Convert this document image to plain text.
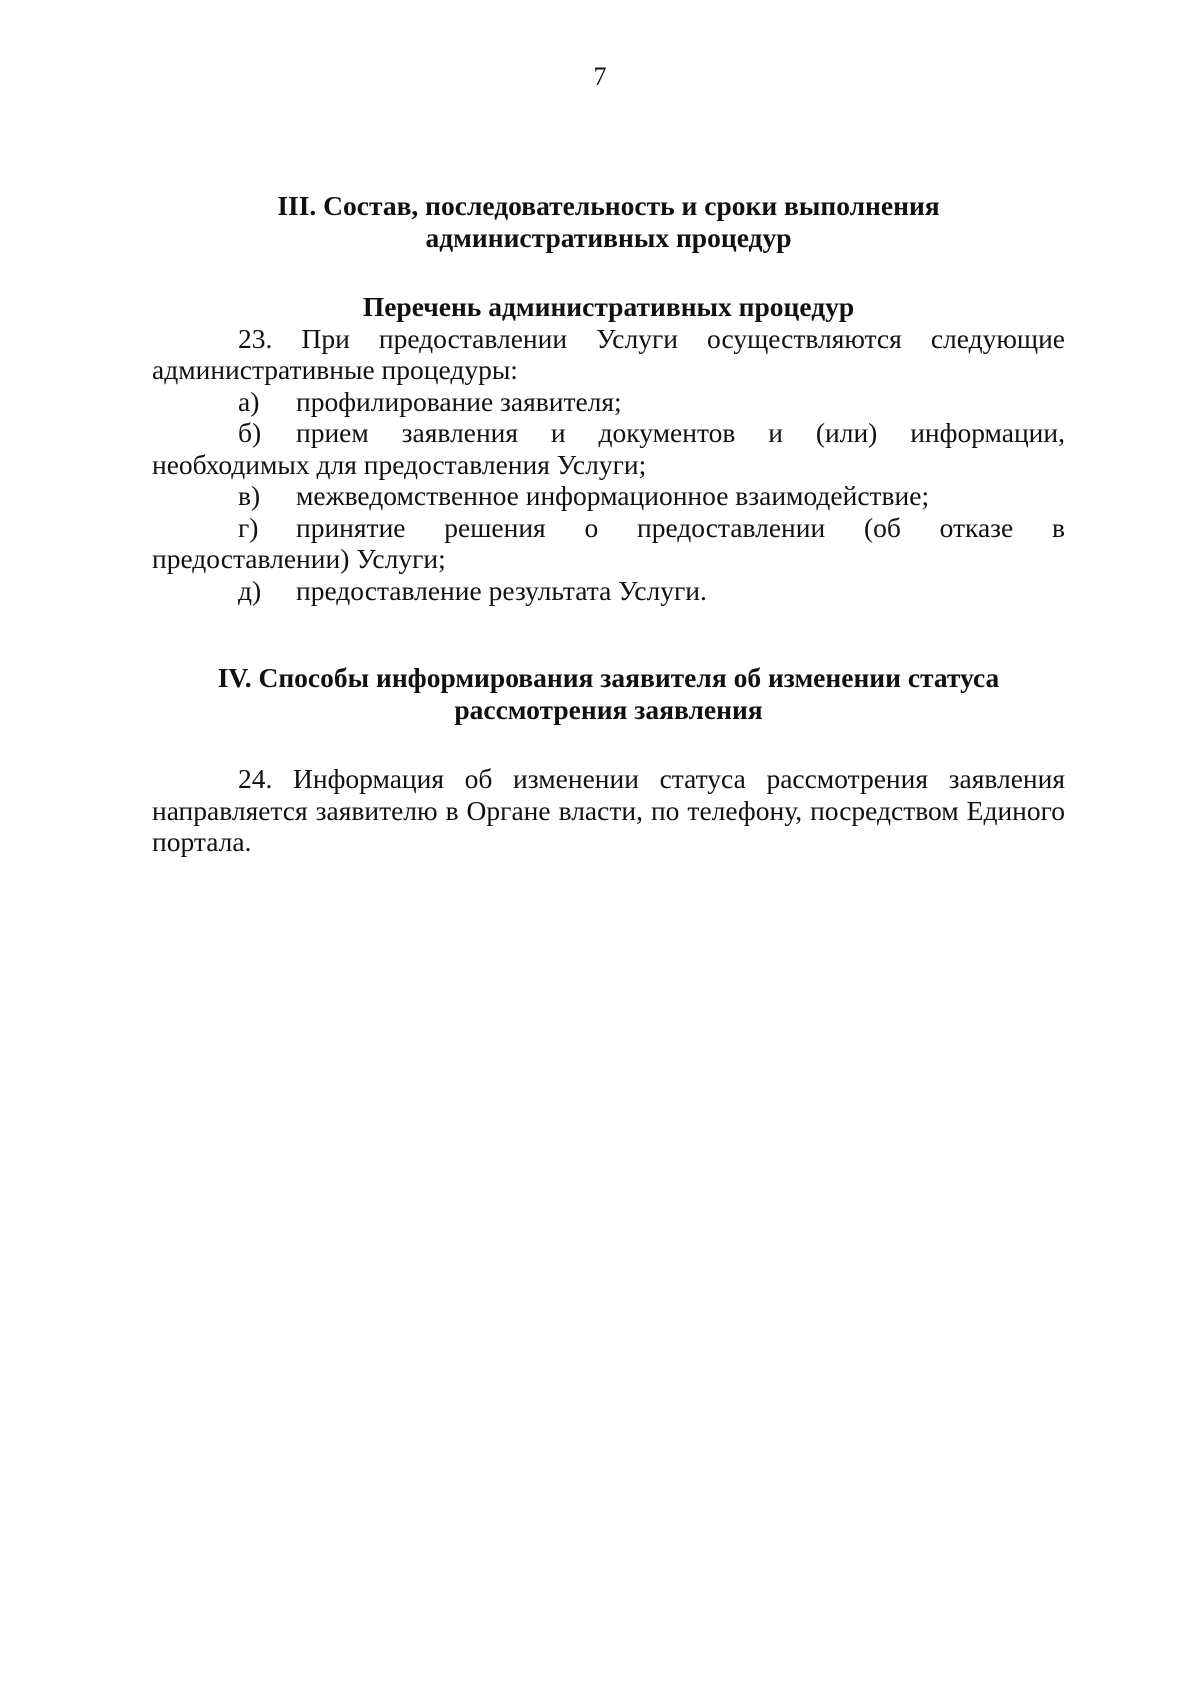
7

III. Состав, последовательность и сроки выполнения
административных процедур

Перечень административных процедур

23. При предоставлении Услуги осуществляются следующие административные процедуры:

а) профилирование заявителя;

б) прием заявления и документов и (или) информации, необходимых для предоставления Услуги;

в) межведомственное информационное взаимодействие;

г) принятие решения о предоставлении (об отказе в предоставлении) Услуги;

д) предоставление результата Услуги.

IV. Способы информирования заявителя об изменении статуса
рассмотрения заявления

24. Информация об изменении статуса рассмотрения заявления направляется заявителю в Органе власти, по телефону, посредством Единого портала.
